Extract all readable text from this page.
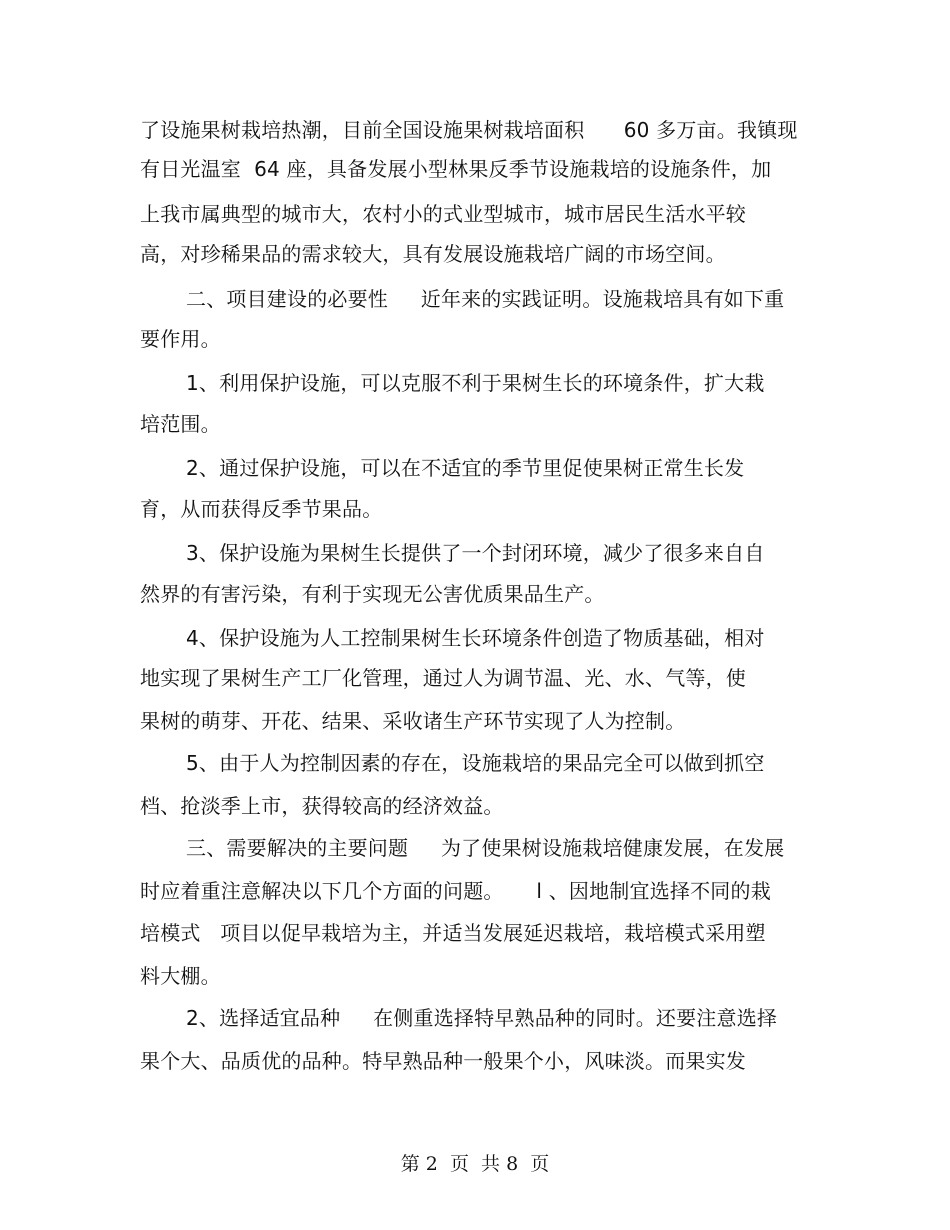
了设施果树栽培热潮，目前全国设施果树栽培面积      60 多万亩。我镇现
有日光温室  64 座，具备发展小型林果反季节设施栽培的设施条件，加
上我市属典型的城市大，农村小的式业型城市，城市居民生活水平较
高，对珍稀果品的需求较大，具有发展设施栽培广阔的市场空间。
二、项目建设的必要性     近年来的实践证明。设施栽培具有如下重
要作用。
1、利用保护设施，可以克服不利于果树生长的环境条件，扩大栽
培范围。
2、通过保护设施，可以在不适宜的季节里促使果树正常生长发
育，从而获得反季节果品。
3、保护设施为果树生长提供了一个封闭环境，减少了很多来自自
然界的有害污染，有利于实现无公害优质果品生产。
4、保护设施为人工控制果树生长环境条件创造了物质基础，相对
地实现了果树生产工厂化管理，通过人为调节温、光、水、气等，使
果树的萌芽、开花、结果、采收诸生产环节实现了人为控制。
5、由于人为控制因素的存在，设施栽培的果品完全可以做到抓空
档、抢淡季上市，获得较高的经济效益。
三、需要解决的主要问题     为了使果树设施栽培健康发展，在发展
时应着重注意解决以下几个方面的问题。     l 、因地制宜选择不同的栽
培模式   项目以促早栽培为主，并适当发展延迟栽培，栽培模式采用塑
料大棚。
2、选择适宜品种     在侧重选择特早熟品种的同时。还要注意选择
果个大、品质优的品种。特早熟品种一般果个小，风味淡。而果实发
第 2  页  共 8  页
